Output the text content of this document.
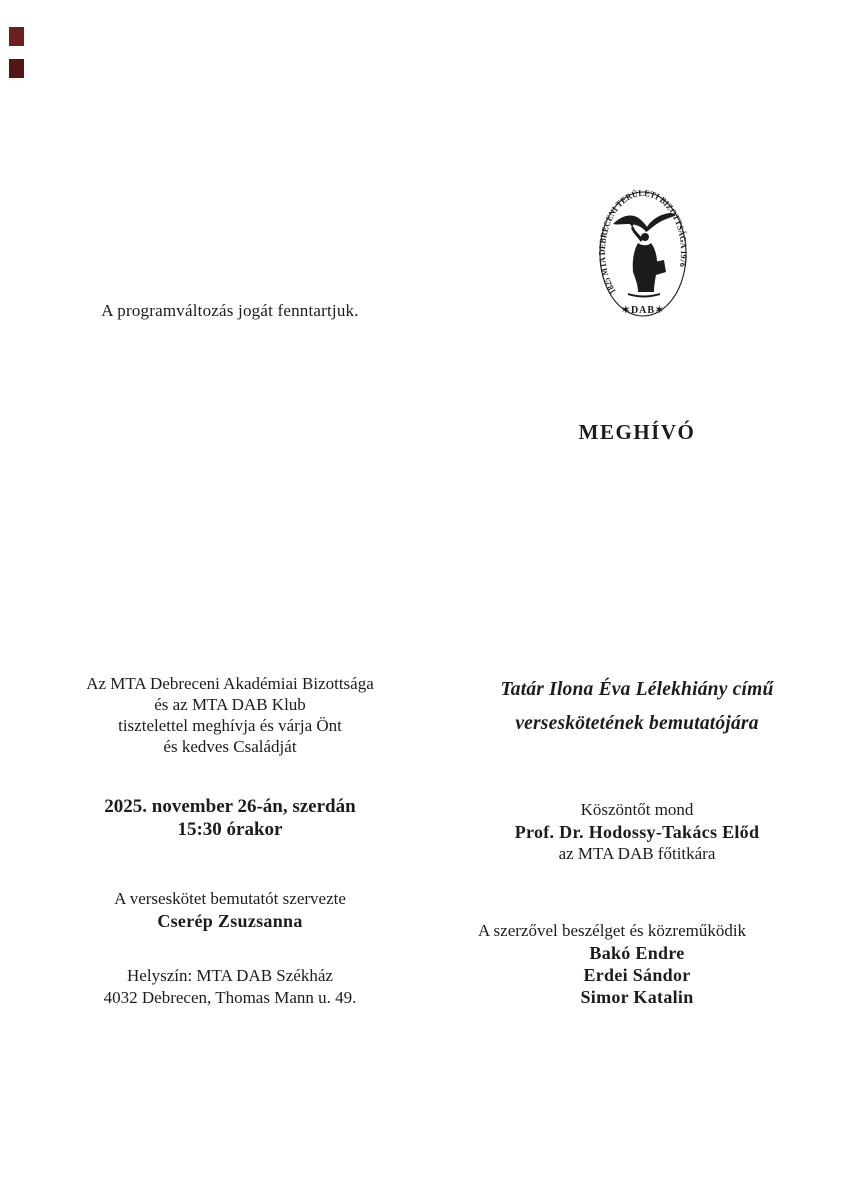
A programváltozás jogát fenntartjuk.
1825 MTA DEBRECENI TERÜLETI BIZOTTSÁGA 1976
✶DAB✶
MEGHÍVÓ
Az MTA Debreceni Akadémiai Bizottsága
és az MTA DAB Klub
tisztelettel meghívja és várja Önt
és kedves Családját
2025. november 26-án, szerdán
15:30 órakor
A verseskötet bemutatót szervezte
Cserép Zsuzsanna
Helyszín: MTA DAB Székház
4032 Debrecen, Thomas Mann u. 49.
Tatár Ilona Éva Lélekhiány című
verseskötetének bemutatójára
Köszöntőt mond
Prof. Dr. Hodossy-Takács Előd
az MTA DAB főtitkára
A szerzővel beszélget és közreműködik
Bakó Endre
Erdei Sándor
Simor Katalin
